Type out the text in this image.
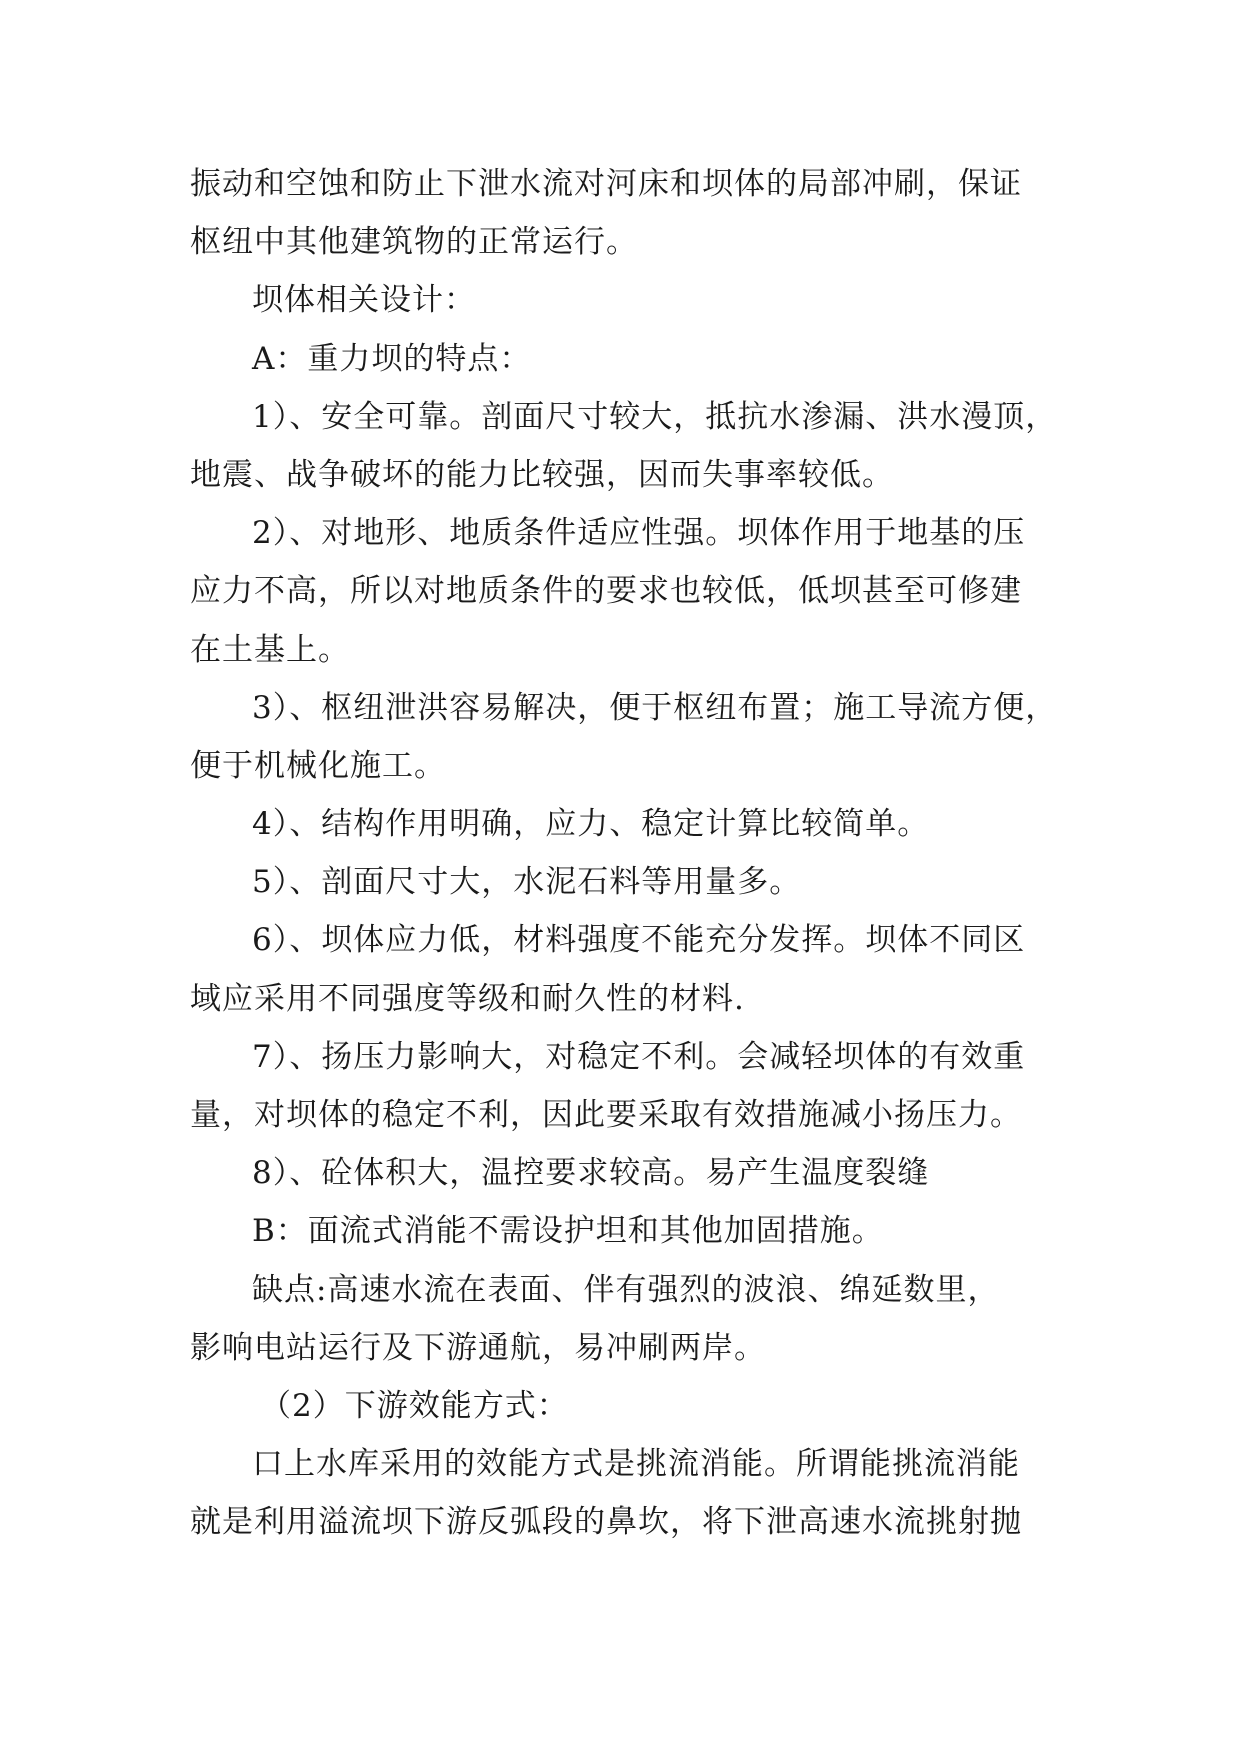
振动和空蚀和防止下泄水流对河床和坝体的局部冲刷，保证
枢纽中其他建筑物的正常运行。
坝体相关设计：
A：重力坝的特点：
1）、安全可靠。剖面尺寸较大，抵抗水渗漏、洪水漫顶，
地震、战争破坏的能力比较强，因而失事率较低。
2）、对地形、地质条件适应性强。坝体作用于地基的压
应力不高，所以对地质条件的要求也较低，低坝甚至可修建
在土基上。
3）、枢纽泄洪容易解决，便于枢纽布置；施工导流方便，
便于机械化施工。
4）、结构作用明确，应力、稳定计算比较简单。
5）、剖面尺寸大，水泥石料等用量多。
6）、坝体应力低，材料强度不能充分发挥。坝体不同区
域应采用不同强度等级和耐久性的材料.
7）、扬压力影响大，对稳定不利。会减轻坝体的有效重
量，对坝体的稳定不利，因此要采取有效措施减小扬压力。
8）、砼体积大，温控要求较高。易产生温度裂缝
B：面流式消能不需设护坦和其他加固措施。
缺点:高速水流在表面、伴有强烈的波浪、绵延数里，
影响电站运行及下游通航，易冲刷两岸。
（2）下游效能方式：
口上水库采用的效能方式是挑流消能。所谓能挑流消能
就是利用溢流坝下游反弧段的鼻坎，将下泄高速水流挑射抛
